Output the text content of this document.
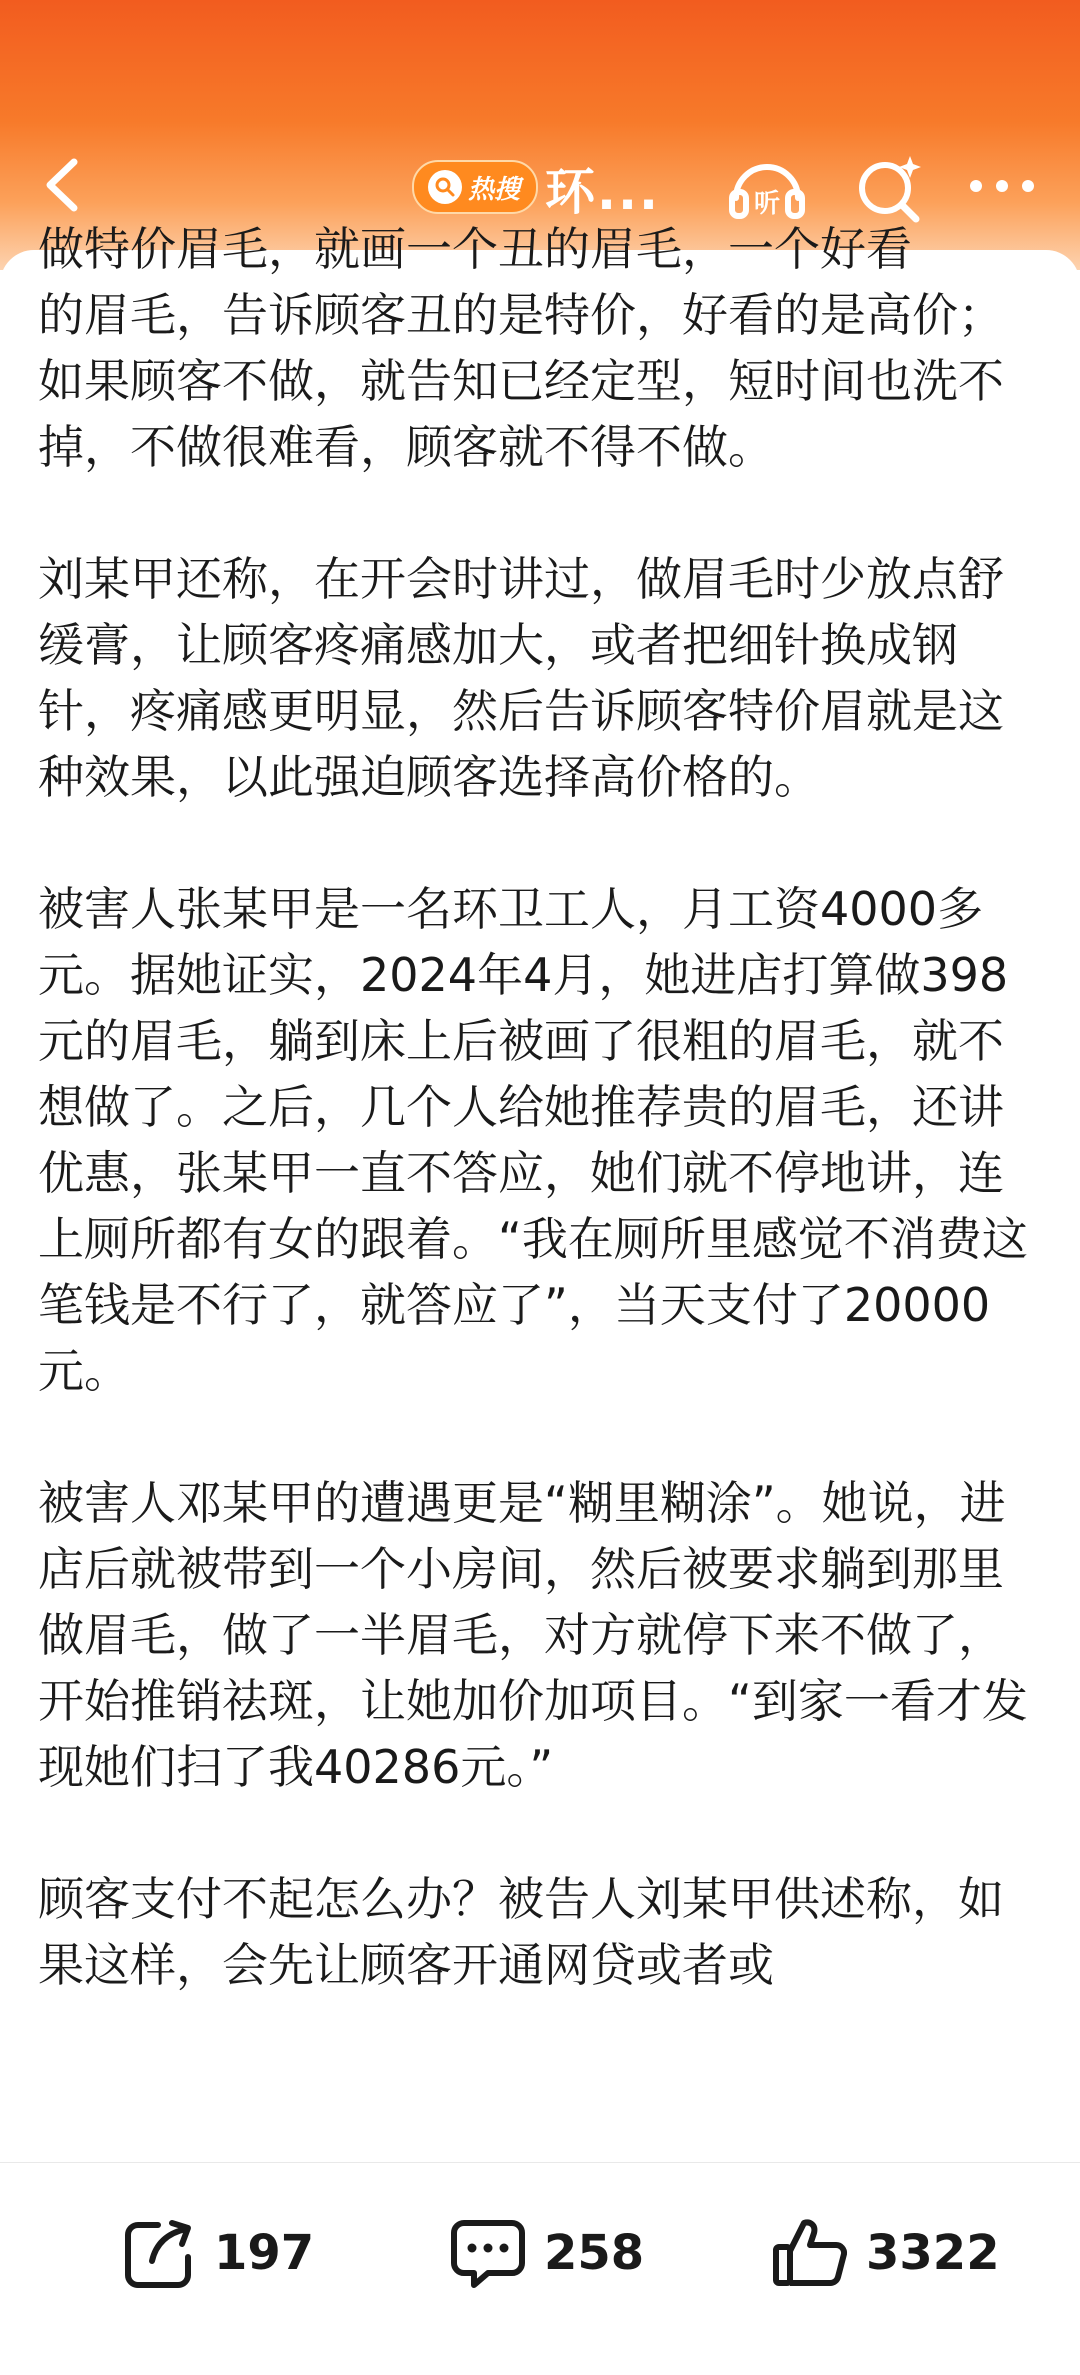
热搜 环...	听

做特价眉毛，就画一个丑的眉毛，一个好看

的眉毛，告诉顾客丑的是特价，好看的是高价；如果顾客不做，就告知已经定型，短时间也洗不掉，不做很难看，顾客就不得不做。

刘某甲还称，在开会时讲过，做眉毛时少放点舒缓膏，让顾客疼痛感加大，或者把细针换成钢针，疼痛感更明显，然后告诉顾客特价眉就是这种效果，以此强迫顾客选择高价格的。

被害人张某甲是一名环卫工人，月工资4000多元。据她证实，2024年4月，她进店打算做398元的眉毛，躺到床上后被画了很粗的眉毛，就不想做了。之后，几个人给她推荐贵的眉毛，还讲优惠，张某甲一直不答应，她们就不停地讲，连上厕所都有女的跟着。“我在厕所里感觉不消费这笔钱是不行了，就答应了”，当天支付了20000元。

被害人邓某甲的遭遇更是“糊里糊涂”。她说，进店后就被带到一个小房间，然后被要求躺到那里做眉毛，做了一半眉毛，对方就停下来不做了，开始推销祛斑，让她加价加项目。“到家一看才发现她们扫了我40286元。”

顾客支付不起怎么办？被告人刘某甲供述称，如果这样，会先让顾客开通网贷或者或

197	258	3322
